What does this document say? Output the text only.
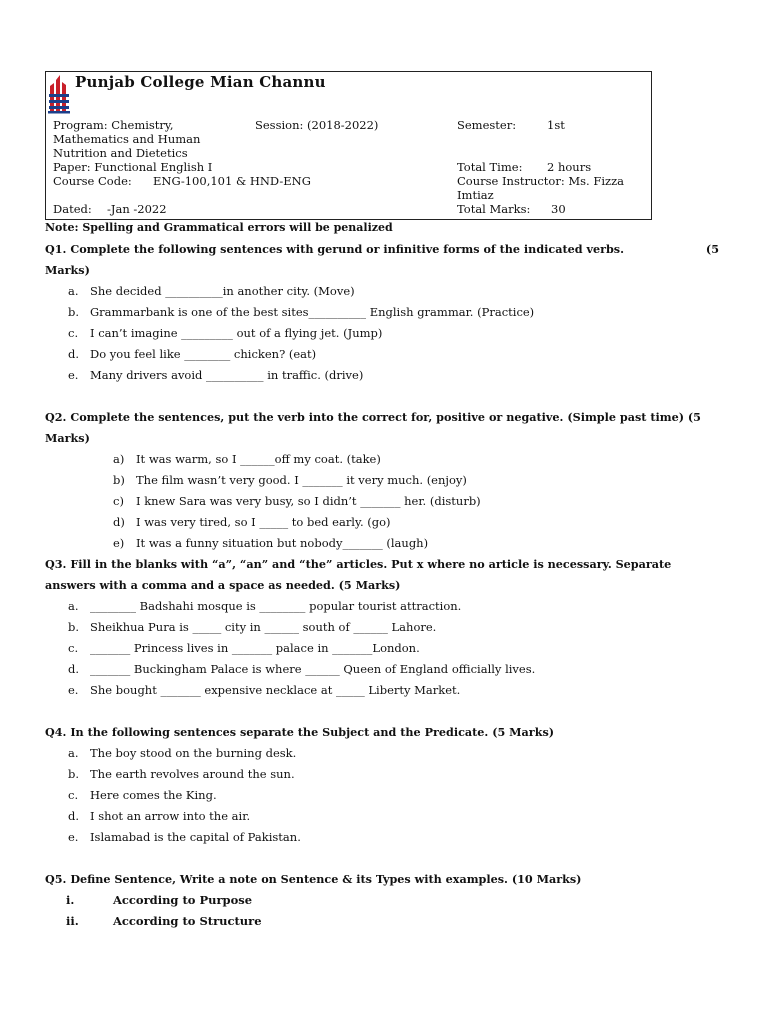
Punjab College Mian Channu
Program: Chemistry,
Mathematics and Human
Nutrition and Dietetics
Session: (2018-2022)	Semester:	1st
Paper: Functional English I	Total Time: 2 hours
Course Code: ENG-100,101 & HND-ENG	Course Instructor: Ms. Fizza
Imtiaz
Dated: -Jan -2022	Total Marks: 30
Note: Spelling and Grammatical errors will be penalized
Q1. Complete the following sentences with gerund or infinitive forms of the indicated verbs.	(5
Marks)
a. She decided __________in another city. (Move)
b. Grammarbank is one of the best sites__________ English grammar. (Practice)
c. I can’t imagine _________ out of a flying jet. (Jump)
d. Do you feel like ________ chicken? (eat)
e. Many drivers avoid __________ in traffic. (drive)
Q2. Complete the sentences, put the verb into the correct for, positive or negative. (Simple past time) (5
Marks)
a) It was warm, so I ______off my coat. (take)
b) The film wasn’t very good. I _______ it very much. (enjoy)
c) I knew Sara was very busy, so I didn’t _______ her. (disturb)
d) I was very tired, so I _____ to bed early. (go)
e) It was a funny situation but nobody_______ (laugh)
Q3. Fill in the blanks with “a”, “an” and “the” articles. Put x where no article is necessary. Separate
answers with a comma and a space as needed. (5 Marks)
a. ________ Badshahi mosque is ________ popular tourist attraction.
b. Sheikhua Pura is _____ city in ______ south of ______ Lahore.
c. _______ Princess lives in _______ palace in _______London.
d. _______ Buckingham Palace is where ______ Queen of England officially lives.
e. She bought _______ expensive necklace at _____ Liberty Market.
Q4. In the following sentences separate the Subject and the Predicate. (5 Marks)
a. The boy stood on the burning desk.
b. The earth revolves around the sun.
c. Here comes the King.
d. I shot an arrow into the air.
e. Islamabad is the capital of Pakistan.
Q5. Define Sentence, Write a note on Sentence & its Types with examples. (10 Marks)
i.	According to Purpose
ii.	According to Structure
